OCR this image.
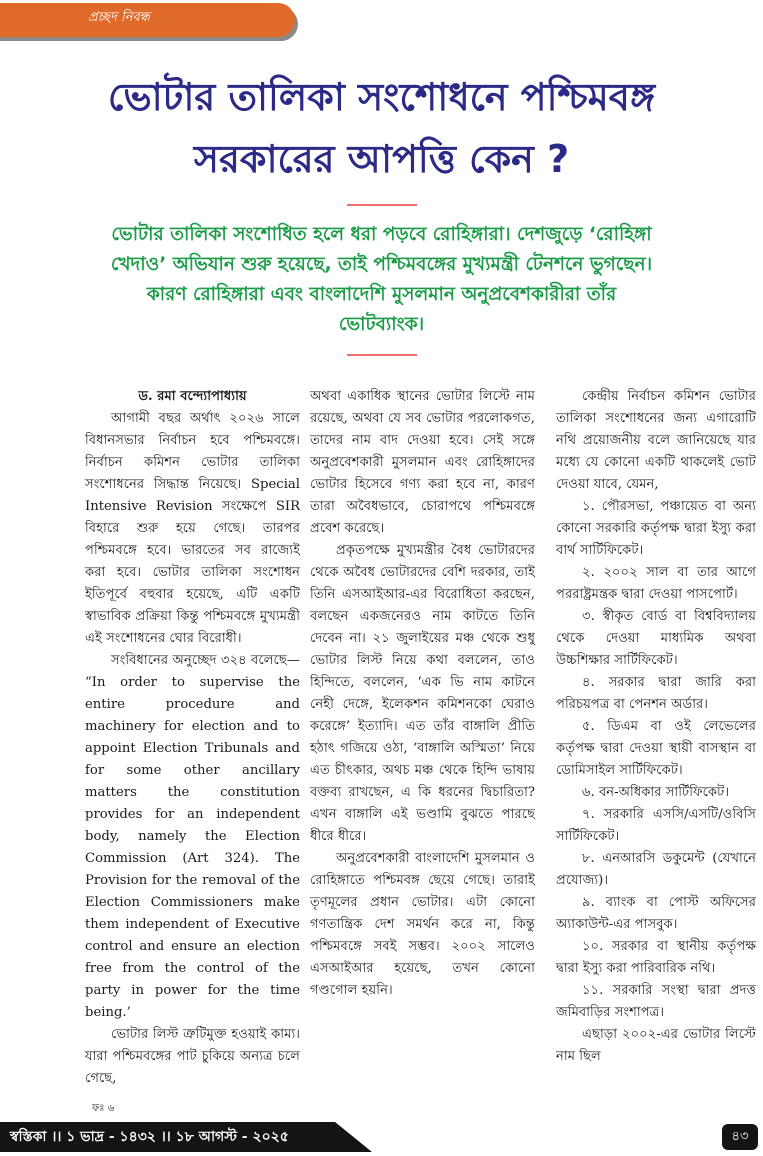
প্রচ্ছদ নিবন্ধ
ভোটার তালিকা সংশোধনে পশ্চিমবঙ্গ
সরকারের আপত্তি কেন ?
ভোটার তালিকা সংশোধিত হলে ধরা পড়বে রোহিঙ্গারা। দেশজুড়ে ‘রোহিঙ্গা খেদাও’ অভিযান শুরু হয়েছে, তাই পশ্চিমবঙ্গের মুখ্যমন্ত্রী টেনশনে ভুগছেন। কারণ রোহিঙ্গারা এবং বাংলাদেশি মুসলমান অনুপ্রবেশকারীরা তাঁর ভোটব্যাংক।

ড. রমা বন্দ্যোপাধ্যায়

আগামী বছর অর্থাৎ ২০২৬ সালে বিধানসভার নির্বাচন হবে পশ্চিমবঙ্গে। নির্বাচন কমিশন ভোটার তালিকা সংশোধনের সিদ্ধান্ত নিয়েছে। Special Intensive Revision সংক্ষেপে SIR বিহারে শুরু হয়ে গেছে। তারপর পশ্চিমবঙ্গে হবে। ভারতের সব রাজ্যেই করা হবে। ভোটার তালিকা সংশোধন ইতিপূর্বে বহুবার হয়েছে, এটি একটি স্বাভাবিক প্রক্রিয়া কিন্তু পশ্চিমবঙ্গে মুখ্যমন্ত্রী এই সংশোধনের ঘোর বিরোধী।

সংবিধানের অনুচ্ছেদ ৩২৪ বলেছে— “In order to supervise the entire procedure and machinery for election and to appoint Election Tribunals and for some other ancillary matters the constitution provides for an independent body, namely the Election Commission (Art 324). The Provision for the removal of the Election Commissioners make them independent of Executive control and ensure an election free from the control of the party in power for the time being.’

ভোটার লিস্ট ত্রুটিমুক্ত হওয়াই কাম্য। যারা পশ্চিমবঙ্গের পাট চুকিয়ে অন্যত্র চলে গেছে,

অথবা একাধিক স্থানের ভোটার লিস্টে নাম রয়েছে, অথবা যে সব ভোটার পরলোকগত, তাদের নাম বাদ দেওয়া হবে। সেই সঙ্গে অনুপ্রবেশকারী মুসলমান এবং রোহিঙ্গাদের ভোটার হিসেবে গণ্য করা হবে না, কারণ তারা অবৈধভাবে, চোরাপথে পশ্চিমবঙ্গে প্রবেশ করেছে।

প্রকৃতপক্ষে মুখ্যমন্ত্রীর বৈধ ভোটারদের থেকে অবৈধ ভোটারদের বেশি দরকার, তাই তিনি এসআইআর-এর বিরোধিতা করছেন, বলছেন একজনেরও নাম কাটতে তিনি দেবেন না। ২১ জুলাইয়ের মঞ্চ থেকে শুধু ভোটার লিস্ট নিয়ে কথা বললেন, তাও হিন্দিতে, বললেন, ‘এক ভি নাম কাটনে নেহী দেঙ্গে, ইলেকশন কমিশনকো ঘেরাও করেঙ্গে’ ইত্যাদি। এত তাঁর বাঙ্গালি প্রীতি হঠাৎ গজিয়ে ওঠা, ‘বাঙ্গালি অস্মিতা’ নিয়ে এত চীৎকার, অথচ মঞ্চ থেকে হিন্দি ভাষায় বক্তব্য রাখছেন, এ কি ধরনের দ্বিচারিতা? এখন বাঙ্গালি এই ভণ্ডামি বুঝতে পারছে ধীরে ধীরে।

অনুপ্রবেশকারী বাংলাদেশি মুসলমান ও রোহিঙ্গাতে পশ্চিমবঙ্গ ছেয়ে গেছে। তারাই তৃণমূলের প্রধান ভোটার। এটা কোনো গণতান্ত্রিক দেশ সমর্থন করে না, কিন্তু পশ্চিমবঙ্গে সবই সম্ভব। ২০০২ সালেও এসআইআর হয়েছে, তখন কোনো গণ্ডগোল হয়নি।

কেন্দ্রীয় নির্বাচন কমিশন ভোটার তালিকা সংশোধনের জন্য এগারোটি নথি প্রয়োজনীয় বলে জানিয়েছে যার মধ্যে যে কোনো একটি থাকলেই ভোট দেওয়া যাবে, যেমন,

১. পৌরসভা, পঞ্চায়েত বা অন্য কোনো সরকারি কর্তৃপক্ষ দ্বারা ইস্যু করা বার্থ সার্টিফিকেট।

২. ২০০২ সাল বা তার আগে পররাষ্ট্রমন্ত্রক দ্বারা দেওয়া পাসপোর্ট।

৩. স্বীকৃত বোর্ড বা বিশ্ববিদ্যালয় থেকে দেওয়া মাধ্যমিক অথবা উচ্চশিক্ষার সার্টিফিকেট।

৪. সরকার দ্বারা জারি করা পরিচয়পত্র বা পেনশন অর্ডার।

৫. ডিএম বা ওই লেভেলের কর্তৃপক্ষ দ্বারা দেওয়া স্থায়ী বাসস্থান বা ডোমিসাইল সার্টিফিকেট।

৬. বন-অধিকার সার্টিফিকেট।

৭. সরকারি এসসি/এসটি/ওবিসি সার্টিফিকেট।

৮. এনআরসি ডকুমেন্ট (যেখানে প্রযোজ্য)।

৯. ব্যাংক বা পোস্ট অফিসের অ্যাকাউন্ট-এর পাসবুক।

১০. সরকার বা স্থানীয় কর্তৃপক্ষ দ্বারা ইস্যু করা পারিবারিক নথি।

১১. সরকারি সংস্থা দ্বারা প্রদত্ত জমিবাড়ির সংশাপত্র।

এছাড়া ২০০২-এর ভোটার লিস্টে নাম ছিল

ফঃ ৬
স্বস্তিকা ।। ১ ভাদ্র - ১৪৩২ ।। ১৮ আগস্ট - ২০২৫	৪৩
